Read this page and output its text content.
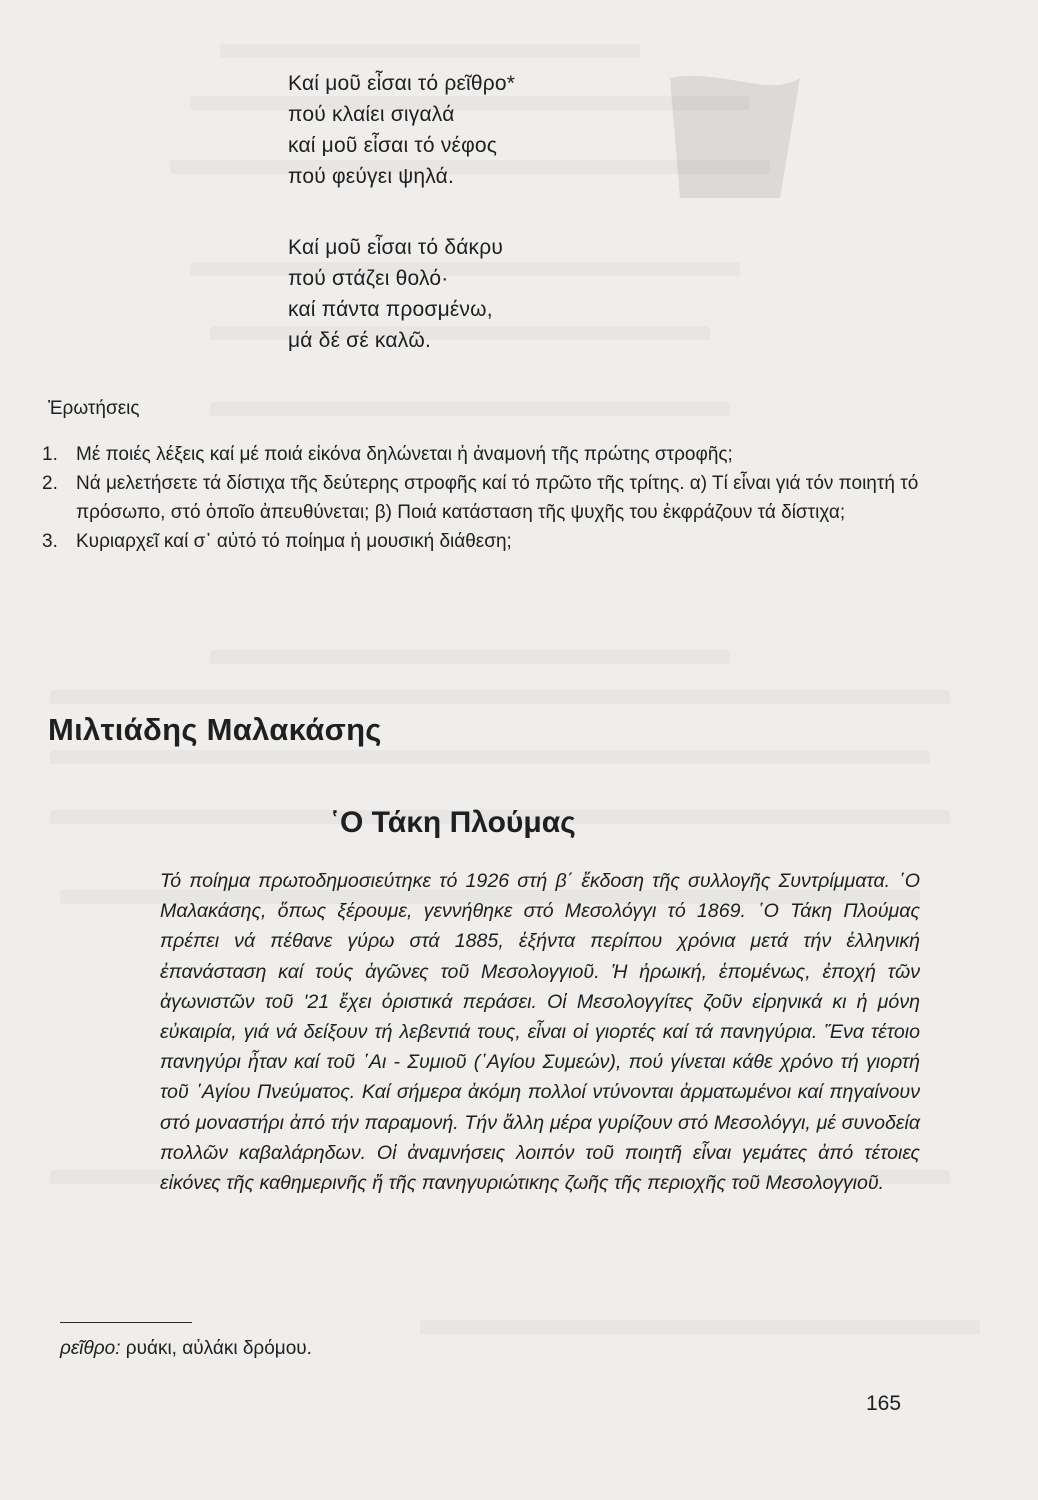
Καί μοῦ εἶσαι τό ρεῖθρο*
πού κλαίει σιγαλά
καί μοῦ εἶσαι τό νέφος
πού φεύγει ψηλά.
Καί μοῦ εἶσαι τό δάκρυ
πού στάζει θολό·
καί πάντα προσμένω,
μά δέ σέ καλῶ.
Ἐρωτήσεις

1. Μέ ποιές λέξεις καί μέ ποιά εἰκόνα δηλώνεται ἡ ἀναμονή τῆς πρώτης στροφῆς;

2. Νά μελετήσετε τά δίστιχα τῆς δεύτερης στροφῆς καί τό πρῶτο τῆς τρίτης. α) Τί εἶναι γιά τόν ποιητή τό πρόσωπο, στό ὁποῖο ἀπευθύνεται; β) Ποιά κατάσταση τῆς ψυχῆς του ἐκφράζουν τά δίστιχα;

3. Κυριαρχεῖ καί σ᾿ αὐτό τό ποίημα ἡ μουσική διάθεση;

Μιλτιάδης Μαλακάσης
῾Ο Τάκη Πλούμας
Τό ποίημα πρωτοδημοσιεύτηκε τό 1926 στή β΄ ἔκδοση τῆς συλλογῆς Συντρίμματα. ῾Ο Μαλακάσης, ὅπως ξέρουμε, γεννήθηκε στό Μεσολόγγι τό 1869. ῾Ο Τάκη Πλούμας πρέπει νά πέθανε γύρω στά 1885, ἑξήντα περίπου χρόνια μετά τήν ἑλληνική ἐπανάσταση καί τούς ἀγῶνες τοῦ Μεσολογγιοῦ. Ἡ ἡρωική, ἑπομένως, ἐποχή τῶν ἀγωνιστῶν τοῦ '21 ἔχει ὁριστικά περάσει. Οἱ Μεσολογγίτες ζοῦν εἰρηνικά κι ἡ μόνη εὐκαιρία, γιά νά δείξουν τή λεβεντιά τους, εἶναι οἱ γιορτές καί τά πανηγύρια. Ἕνα τέτοιο πανηγύρι ἦταν καί τοῦ ῾Αι - Συμιοῦ (῾Αγίου Συμεών), πού γίνεται κάθε χρόνο τή γιορτή τοῦ ῾Αγίου Πνεύματος. Καί σήμερα ἀκόμη πολλοί ντύνονται ἀρματωμένοι καί πηγαίνουν στό μοναστήρι ἀπό τήν παραμονή. Τήν ἄλλη μέρα γυρίζουν στό Μεσολόγγι, μέ συνοδεία πολλῶν καβαλάρηδων. Οἱ ἀναμνήσεις λοιπόν τοῦ ποιητῆ εἶναι γεμάτες ἀπό τέτοιες εἰκόνες τῆς καθημερινῆς ἤ τῆς πανηγυριώτικης ζωῆς τῆς περιοχῆς τοῦ Μεσολογγιοῦ.
ρεῖθρο: ρυάκι, αὐλάκι δρόμου.
165
